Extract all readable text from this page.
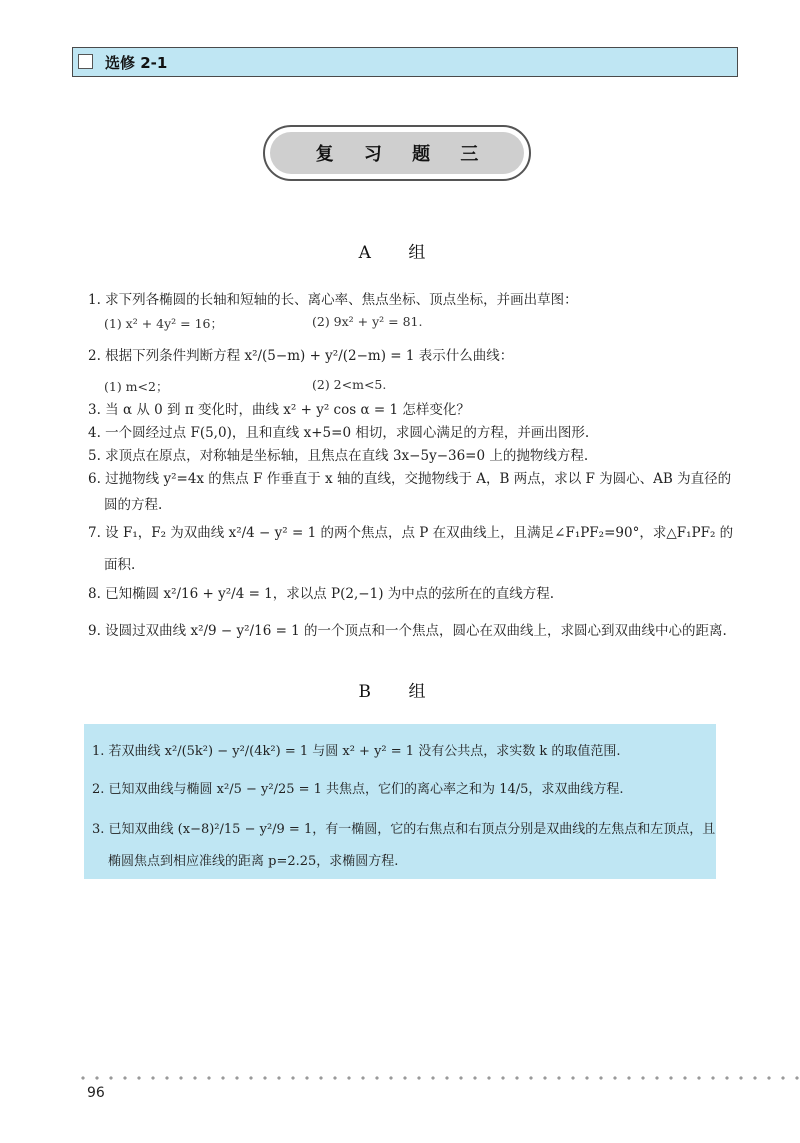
选修 2-1
复 习 题 三
A 组
1. 求下列各椭圆的长轴和短轴的长、离心率、焦点坐标、顶点坐标，并画出草图：
(1) x² + 4y² = 16；	(2) 9x² + y² = 81.
2. 根据下列条件判断方程 x²/(5−m) + y²/(2−m) = 1 表示什么曲线：
(1) m<2；	(2) 2<m<5.
3. 当 α 从 0 到 π 变化时，曲线 x² + y² cos α = 1 怎样变化？
4. 一个圆经过点 F(5,0)，且和直线 x+5=0 相切，求圆心满足的方程，并画出图形.
5. 求顶点在原点，对称轴是坐标轴，且焦点在直线 3x−5y−36=0 上的抛物线方程.
6. 过抛物线 y²=4x 的焦点 F 作垂直于 x 轴的直线，交抛物线于 A，B 两点，求以 F 为圆心、AB 为直径的
圆的方程.
7. 设 F₁，F₂ 为双曲线 x²/4 − y² = 1 的两个焦点，点 P 在双曲线上，且满足∠F₁PF₂=90°，求△F₁PF₂ 的
面积.
8. 已知椭圆 x²/16 + y²/4 = 1，求以点 P(2,−1) 为中点的弦所在的直线方程.
9. 设圆过双曲线 x²/9 − y²/16 = 1 的一个顶点和一个焦点，圆心在双曲线上，求圆心到双曲线中心的距离.
B 组
1. 若双曲线 x²/(5k²) − y²/(4k²) = 1 与圆 x² + y² = 1 没有公共点，求实数 k 的取值范围.
2. 已知双曲线与椭圆 x²/5 − y²/25 = 1 共焦点，它们的离心率之和为 14/5，求双曲线方程.
3. 已知双曲线 (x−8)²/15 − y²/9 = 1，有一椭圆，它的右焦点和右顶点分别是双曲线的左焦点和左顶点，且
椭圆焦点到相应准线的距离 p=2.25，求椭圆方程.
96
